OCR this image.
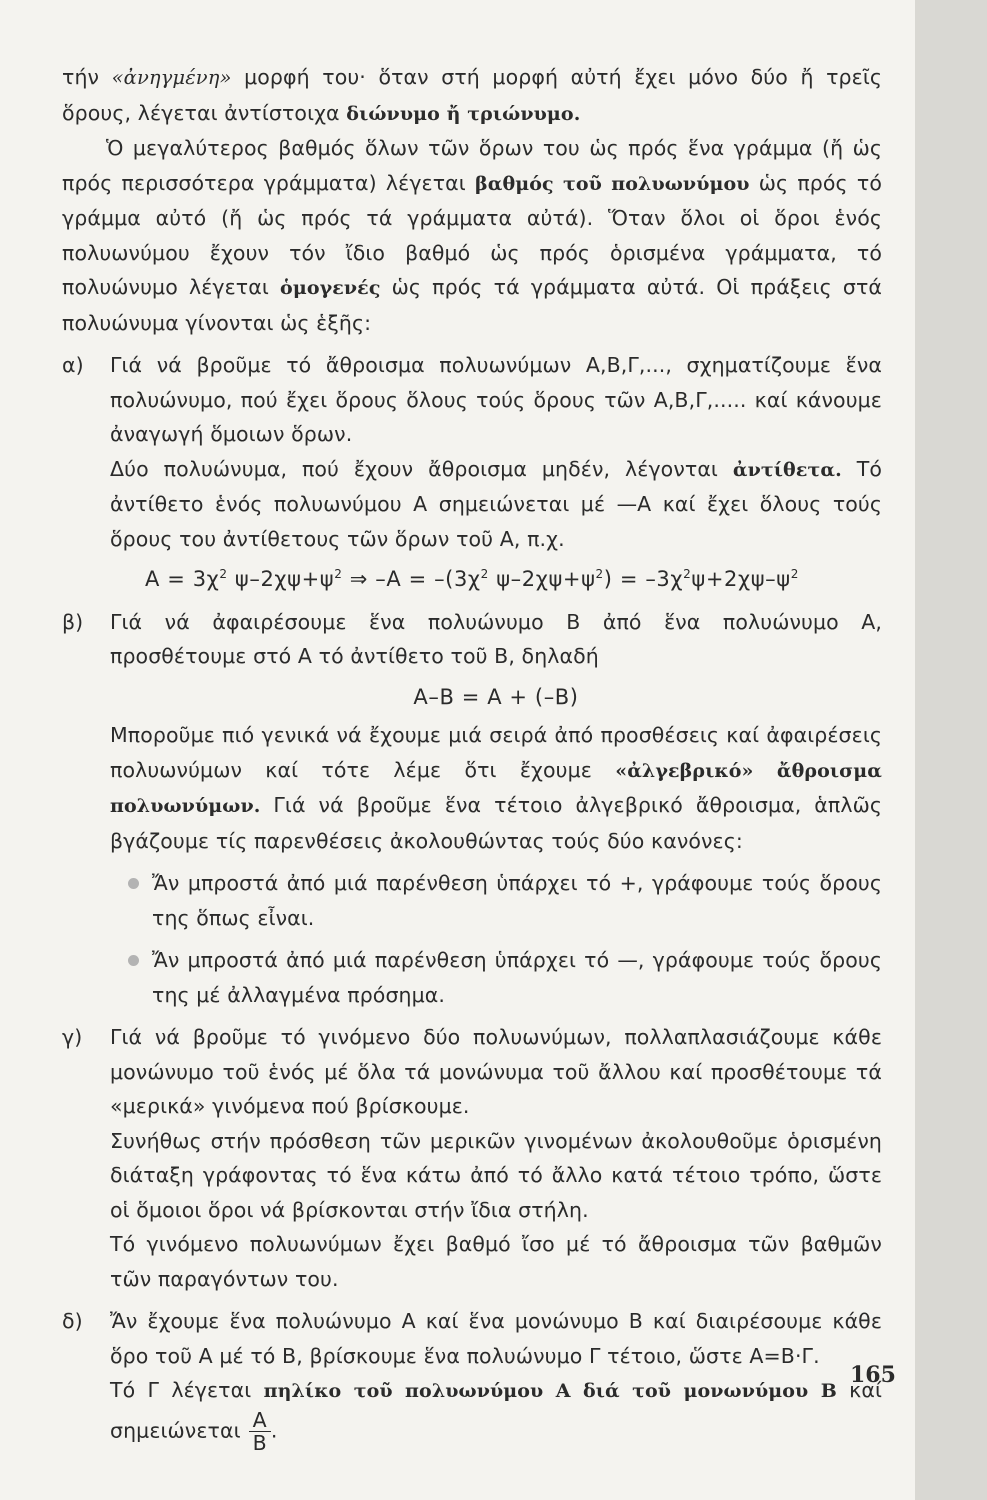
τήν «ἀνηγμένη» μορφή του· ὅταν στή μορφή αὐτή ἔχει μόνο δύο ἤ τρεῖς ὅρους, λέγεται ἀντίστοιχα διώνυμο ἤ τριώνυμο.

Ὁ μεγαλύτερος βαθμός ὅλων τῶν ὅρων του ὡς πρός ἕνα γράμμα (ἤ ὡς πρός περισσότερα γράμματα) λέγεται βαθμός τοῦ πολυωνύμου ὡς πρός τό γράμμα αὐτό (ἤ ὡς πρός τά γράμματα αὐτά). Ὅταν ὅλοι οἱ ὅροι ἑνός πολυωνύμου ἔχουν τόν ἴδιο βαθμό ὡς πρός ὁρισμένα γράμματα, τό πολυώνυμο λέγεται ὁμογενές ὡς πρός τά γράμματα αὐτά. Οἱ πράξεις στά πολυώνυμα γίνονται ὡς ἑξῆς:

α)	Γιά νά βροῦμε τό ἄθροισμα πολυωνύμων Α,Β,Γ,..., σχηματίζουμε ἕνα πολυώνυμο, πού ἔχει ὅρους ὅλους τούς ὅρους τῶν Α,Β,Γ,..... καί κάνουμε ἀναγωγή ὅμοιων ὅρων.

Δύο πολυώνυμα, πού ἔχουν ἄθροισμα μηδέν, λέγονται ἀντίθετα. Τό ἀντίθετο ἑνός πολυωνύμου Α σημειώνεται μέ —Α καί ἔχει ὅλους τούς ὅρους του ἀντίθετους τῶν ὅρων τοῦ Α, π.χ.

$A = 3\chi^2$ $\psi-2\chi\psi+\psi^2$ ⇒ $-A = -(3\chi^2$ $\psi-2\chi\psi+\psi^2) = -3\chi^2\psi+2\chi\psi-\psi^2$
β)	Γιά νά ἀφαιρέσουμε ἕνα πολυώνυμο Β ἀπό ἕνα πολυώνυμο Α, προσθέτουμε στό Α τό ἀντίθετο τοῦ Β, δηλαδή

Α–Β = Α + (–Β)

Μποροῦμε πιό γενικά νά ἔχουμε μιά σειρά ἀπό προσθέσεις καί ἀφαιρέσεις πολυωνύμων καί τότε λέμε ὅτι ἔχουμε «ἀλγεβρικό» ἄθροισμα πολυωνύμων. Γιά νά βροῦμε ἕνα τέτοιο ἀλγεβρικό ἄθροισμα, ἁπλῶς βγάζουμε τίς παρενθέσεις ἀκολουθώντας τούς δύο κανόνες:

Ἄν μπροστά ἀπό μιά παρένθεση ὑπάρχει τό +, γράφουμε τούς ὅρους της ὅπως εἶναι.

Ἄν μπροστά ἀπό μιά παρένθεση ὑπάρχει τό —, γράφουμε τούς ὅρους της μέ ἀλλαγμένα πρόσημα.

γ)	Γιά νά βροῦμε τό γινόμενο δύο πολυωνύμων, πολλαπλασιάζουμε κάθε μονώνυμο τοῦ ἑνός μέ ὅλα τά μονώνυμα τοῦ ἄλλου καί προσθέτουμε τά «μερικά» γινόμενα πού βρίσκουμε.

Συνήθως στήν πρόσθεση τῶν μερικῶν γινομένων ἀκολουθοῦμε ὁρισμένη διάταξη γράφοντας τό ἕνα κάτω ἀπό τό ἄλλο κατά τέτοιο τρόπο, ὥστε οἱ ὅμοιοι ὅροι νά βρίσκονται στήν ἴδια στήλη.

Τό γινόμενο πολυωνύμων ἔχει βαθμό ἴσο μέ τό ἄθροισμα τῶν βαθμῶν τῶν παραγόντων του.

δ)	Ἄν ἔχουμε ἕνα πολυώνυμο Α καί ἕνα μονώνυμο Β καί διαιρέσουμε κάθε ὅρο τοῦ Α μέ τό Β, βρίσκουμε ἕνα πολυώνυμο Γ τέτοιο, ὥστε Α=Β·Γ.

Τό Γ λέγεται πηλίκο τοῦ πολυωνύμου Α διά τοῦ μονωνύμου Β καί σημειώνεται $\frac{A}{B}$ .

165
